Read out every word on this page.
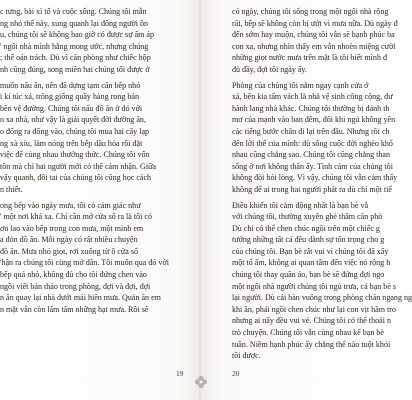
c tưng, bài xì tố và cuộc sống. Chúng tôi mẫn

ng nhỏ thế này, xung quanh lại đông người ồn

u, chúng tôi sẽ không bao giờ có được sự ấm áp

' ngôi nhà mình hằng mong ước, nhưng chúng

; thể oán trách. Dù vì căn phòng như chiếc hộp

nh cũng đúng, song miền hai chúng tôi được ở

muốn nấu ăn, nên đã dựng tạm căn bếp nhỏ

i kí túc xá, trông giống quầy hàng rong bán

bên vệ đường. Chúng tôi nấu đồ ăn ở đó với

n xa nhà, như vậy là giải quyết đời đường ăn,

o đống ra đống vào, chúng tôi mua hai cây lạp

ng xà xíu, làm nóng trên bếp dầu hỏa rồi đặt

việc để cùng nhau thưởng thức. Chúng tôi vốn

tôn mà chỉ hai người mới có thể cảm nhận. Giữa

vậy quanh, đôi tai của chúng tôi cũng học cách

n thiết.

ong bếp vào ngày mưa, tôi có cảm giác như

' một nơi khá xa. Chỉ cần mở cửa sổ ra là tôi có

ơn lao vào bếp trong con mưa, một mình em

a đón đồ ăn. Mỗi ngày có rất nhiều chuyện

đồ ăn. Mưa nhỏ giọt, rơi xuống từ ô cửa sổ

'hận ra chúng tôi cùng mở dần. Tôi muốn qua đó với

bếp quá nhỏ, không đủ cho tôi đứng chen vào

ngồi viết bản thảo trong phòng, đợi và đợi, đợi

n ăn quay lại nhà dưới mái hiên mưa. Quán ăn em

n mặt vẫn còn lấm tấm những hạt mưa. Rồi sẽ

có ngày, chúng tôi sống trong một ngôi nhà rộng

rãi, bếp sẽ không còn bị ướt vì mưa nữa. Dù ngày đ

đến sớm hay muộn, chúng tôi vẫn sẽ hạnh phúc ba

con xa, nhưng nhìn thấy em vẫn nhoẻn miệng cười

những giọt nước mưa trên mặt là tôi biết mình đ

đủ đầy, đợi tôi ngày ấy.

Phòng của chúng tôi nằm ngay cạnh cửa ở

xá, bên kia tấm vách là nhà vệ sinh công cộng, đư

hành lang nhà khác. Chúng tôi thường bị đánh th

mơ của mạnh vào ban đêm, đôi khi ngủ không yên

các tiếng bước chân đi lại trên đầu. Nhưng rồi ch

đến lời thể của mình: dù sống cuộc đời nghèo khổ

nhau cũng chẳng sao. Chúng tôi cũng chẳng than

sống ở nơi không thân ấy. Tình cảm của chúng tôi

không đòi hỏi lòng. Vì vậy, chúng tôi vẫn cảm thấy

không để ai trong hai người phát ra dù chỉ một tiế

Điều khiến tôi cảm động nhất là bạn bè vẫ

với chúng tôi, thường xuyên ghé thăm căn phò

Dù chỉ có thể chen chúc ngồi trên một chiếc g

tưởng những tất cả đều dành sự tôn trọng cho g

của chúng tôi. Bạn bè rất vui vì chúng tôi đã xây

một tổ ấm, không ai quan tâm đến việc nó rộng h

chúng tôi thay quần áo, bạn bè sẽ đứng đợi ngo

một ngôi nhà người chúng tôi ngủ trưa, cả bạn bè s

lại người. Dù cái bàn vuông trong phòng chăn ngang ng

khi ăn, phải ngồi chen chúc như lại con vịt hầm tro

nhưng ai nấy đều vui vẻ. Chúng tôi có thể thoải n

trò chuyện. Chúng tôi vẫn cùng nhau kể bạn bè

tuần. Niềm hạnh phúc ấy chẳng thể nào tuột khỏi

tôi được.

19	20
